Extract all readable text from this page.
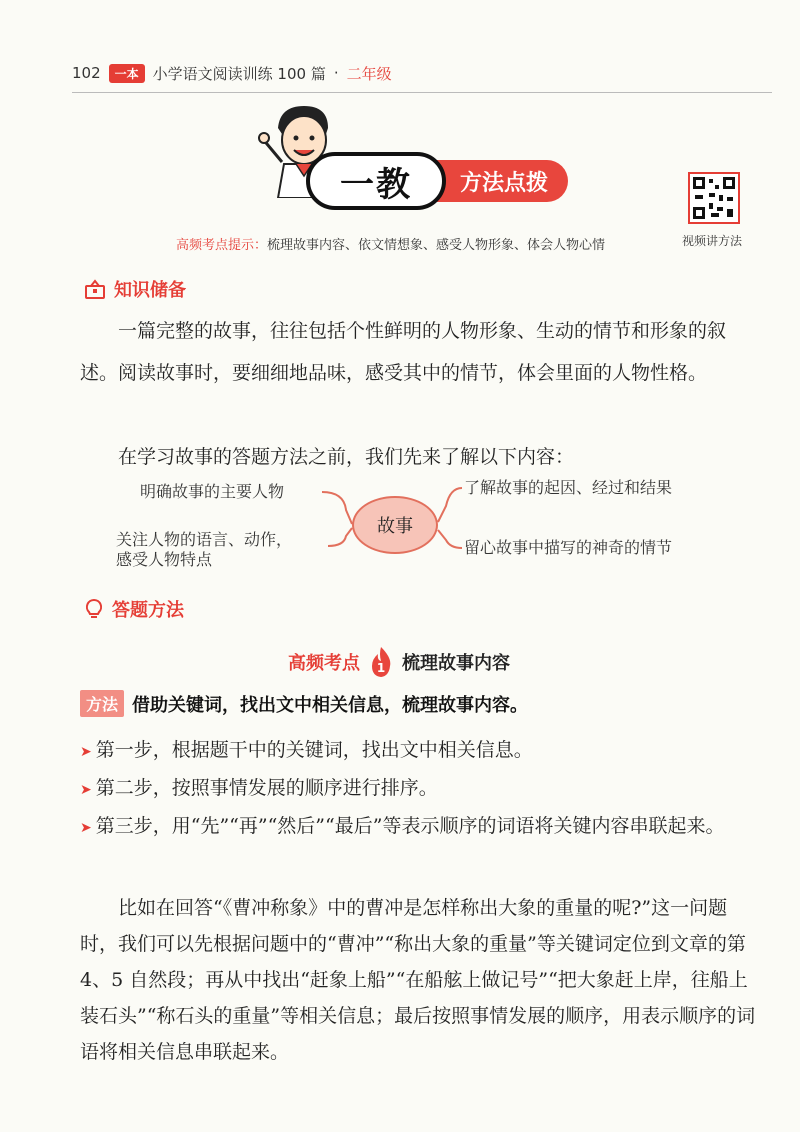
102	一本 小学语文阅读训练 100 篇 · 二年级
方法点拨
一教
视频讲方法
高频考点提示：梳理故事内容、依文情想象、感受人物形象、体会人物心情
知识储备

一篇完整的故事，往往包括个性鲜明的人物形象、生动的情节和形象的叙述。阅读故事时，要细细地品味，感受其中的情节，体会里面的人物性格。

在学习故事的答题方法之前，我们先来了解以下内容：

明确故事的主要人物
关注人物的语言、动作，
感受人物特点
故事
了解故事的起因、经过和结果
留心故事中描写的神奇的情节
答题方法
高频考点 1 梳理故事内容
方法 借助关键词，找出文中相关信息，梳理故事内容。
➤ 第一步，根据题干中的关键词，找出文中相关信息。
➤ 第二步，按照事情发展的顺序进行排序。
➤ 第三步，用“先”“再”“然后”“最后”等表示顺序的词语将关键内容串联起来。

比如在回答“《曹冲称象》中的曹冲是怎样称出大象的重量的呢?”这一问题时，我们可以先根据问题中的“曹冲”“称出大象的重量”等关键词定位到文章的第 4、5 自然段；再从中找出“赶象上船”“在船舷上做记号”“把大象赶上岸，往船上装石头”“称石头的重量”等相关信息；最后按照事情发展的顺序，用表示顺序的词语将相关信息串联起来。
